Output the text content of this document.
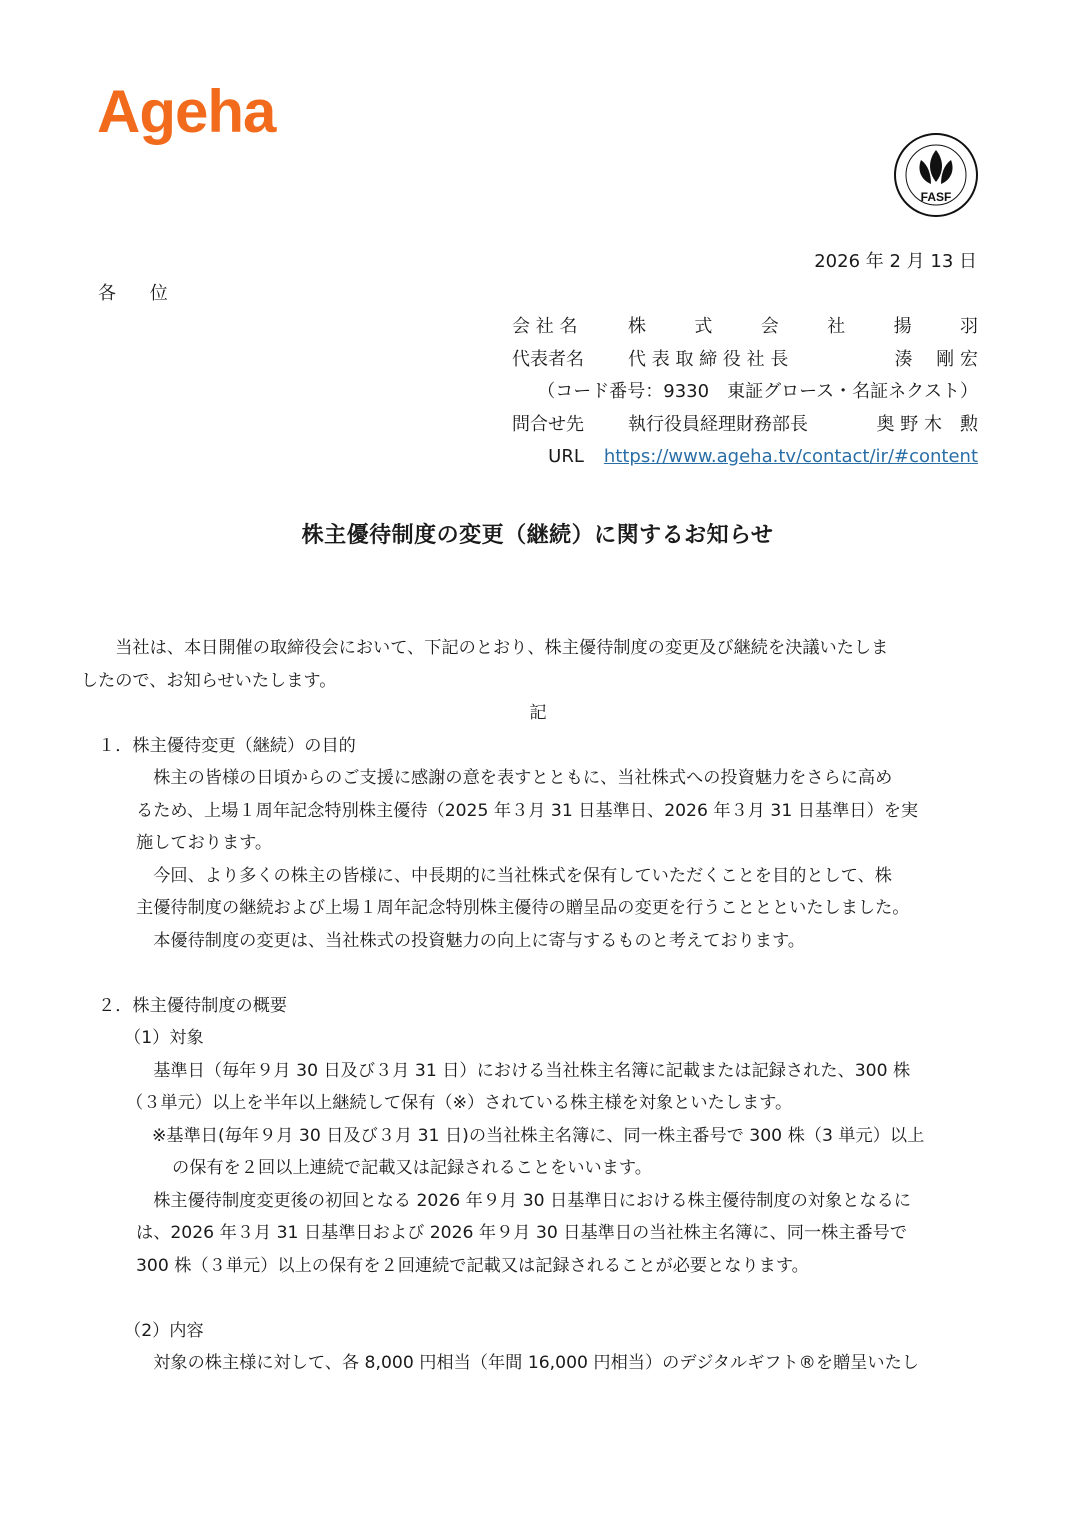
Ageha
FASF
2026 年 2 月 13 日
各 位
会 社 名	株	式	会	社	揚	羽
代表者名	代 表 取 締 役 社 長	湊　 剛 宏
（コード番号：9330　東証グロース・名証ネクスト）
問合せ先	執行役員経理財務部長	奥 野 木　勲
URL https://www.ageha.tv/contact/ir/#content
株主優待制度の変更（継続）に関するお知らせ

当社は、本日開催の取締役会において、下記のとおり、株主優待制度の変更及び継続を決議いたしま
したので、お知らせいたします。

記
１．株主優待変更（継続）の目的
株主の皆様の日頃からのご支援に感謝の意を表すとともに、当社株式への投資魅力をさらに高め
るため、上場１周年記念特別株主優待（2025 年３月 31 日基準日、2026 年３月 31 日基準日）を実
施しております。
今回、より多くの株主の皆様に、中長期的に当社株式を保有していただくことを目的として、株
主優待制度の継続および上場１周年記念特別株主優待の贈呈品の変更を行うこととといたしました。
本優待制度の変更は、当社株式の投資魅力の向上に寄与するものと考えております。
２．株主優待制度の概要
（1）対象
基準日（毎年９月 30 日及び３月 31 日）における当社株主名簿に記載または記録された、300 株
（３単元）以上を半年以上継続して保有（※）されている株主様を対象といたします。
※基準日(毎年９月 30 日及び３月 31 日)の当社株主名簿に、同一株主番号で 300 株（3 単元）以上
の保有を２回以上連続で記載又は記録されることをいいます。
株主優待制度変更後の初回となる 2026 年９月 30 日基準日における株主優待制度の対象となるに
は、2026 年３月 31 日基準日および 2026 年９月 30 日基準日の当社株主名簿に、同一株主番号で
300 株（３単元）以上の保有を２回連続で記載又は記録されることが必要となります。
（2）内容
対象の株主様に対して、各 8,000 円相当（年間 16,000 円相当）のデジタルギフト®を贈呈いたし
